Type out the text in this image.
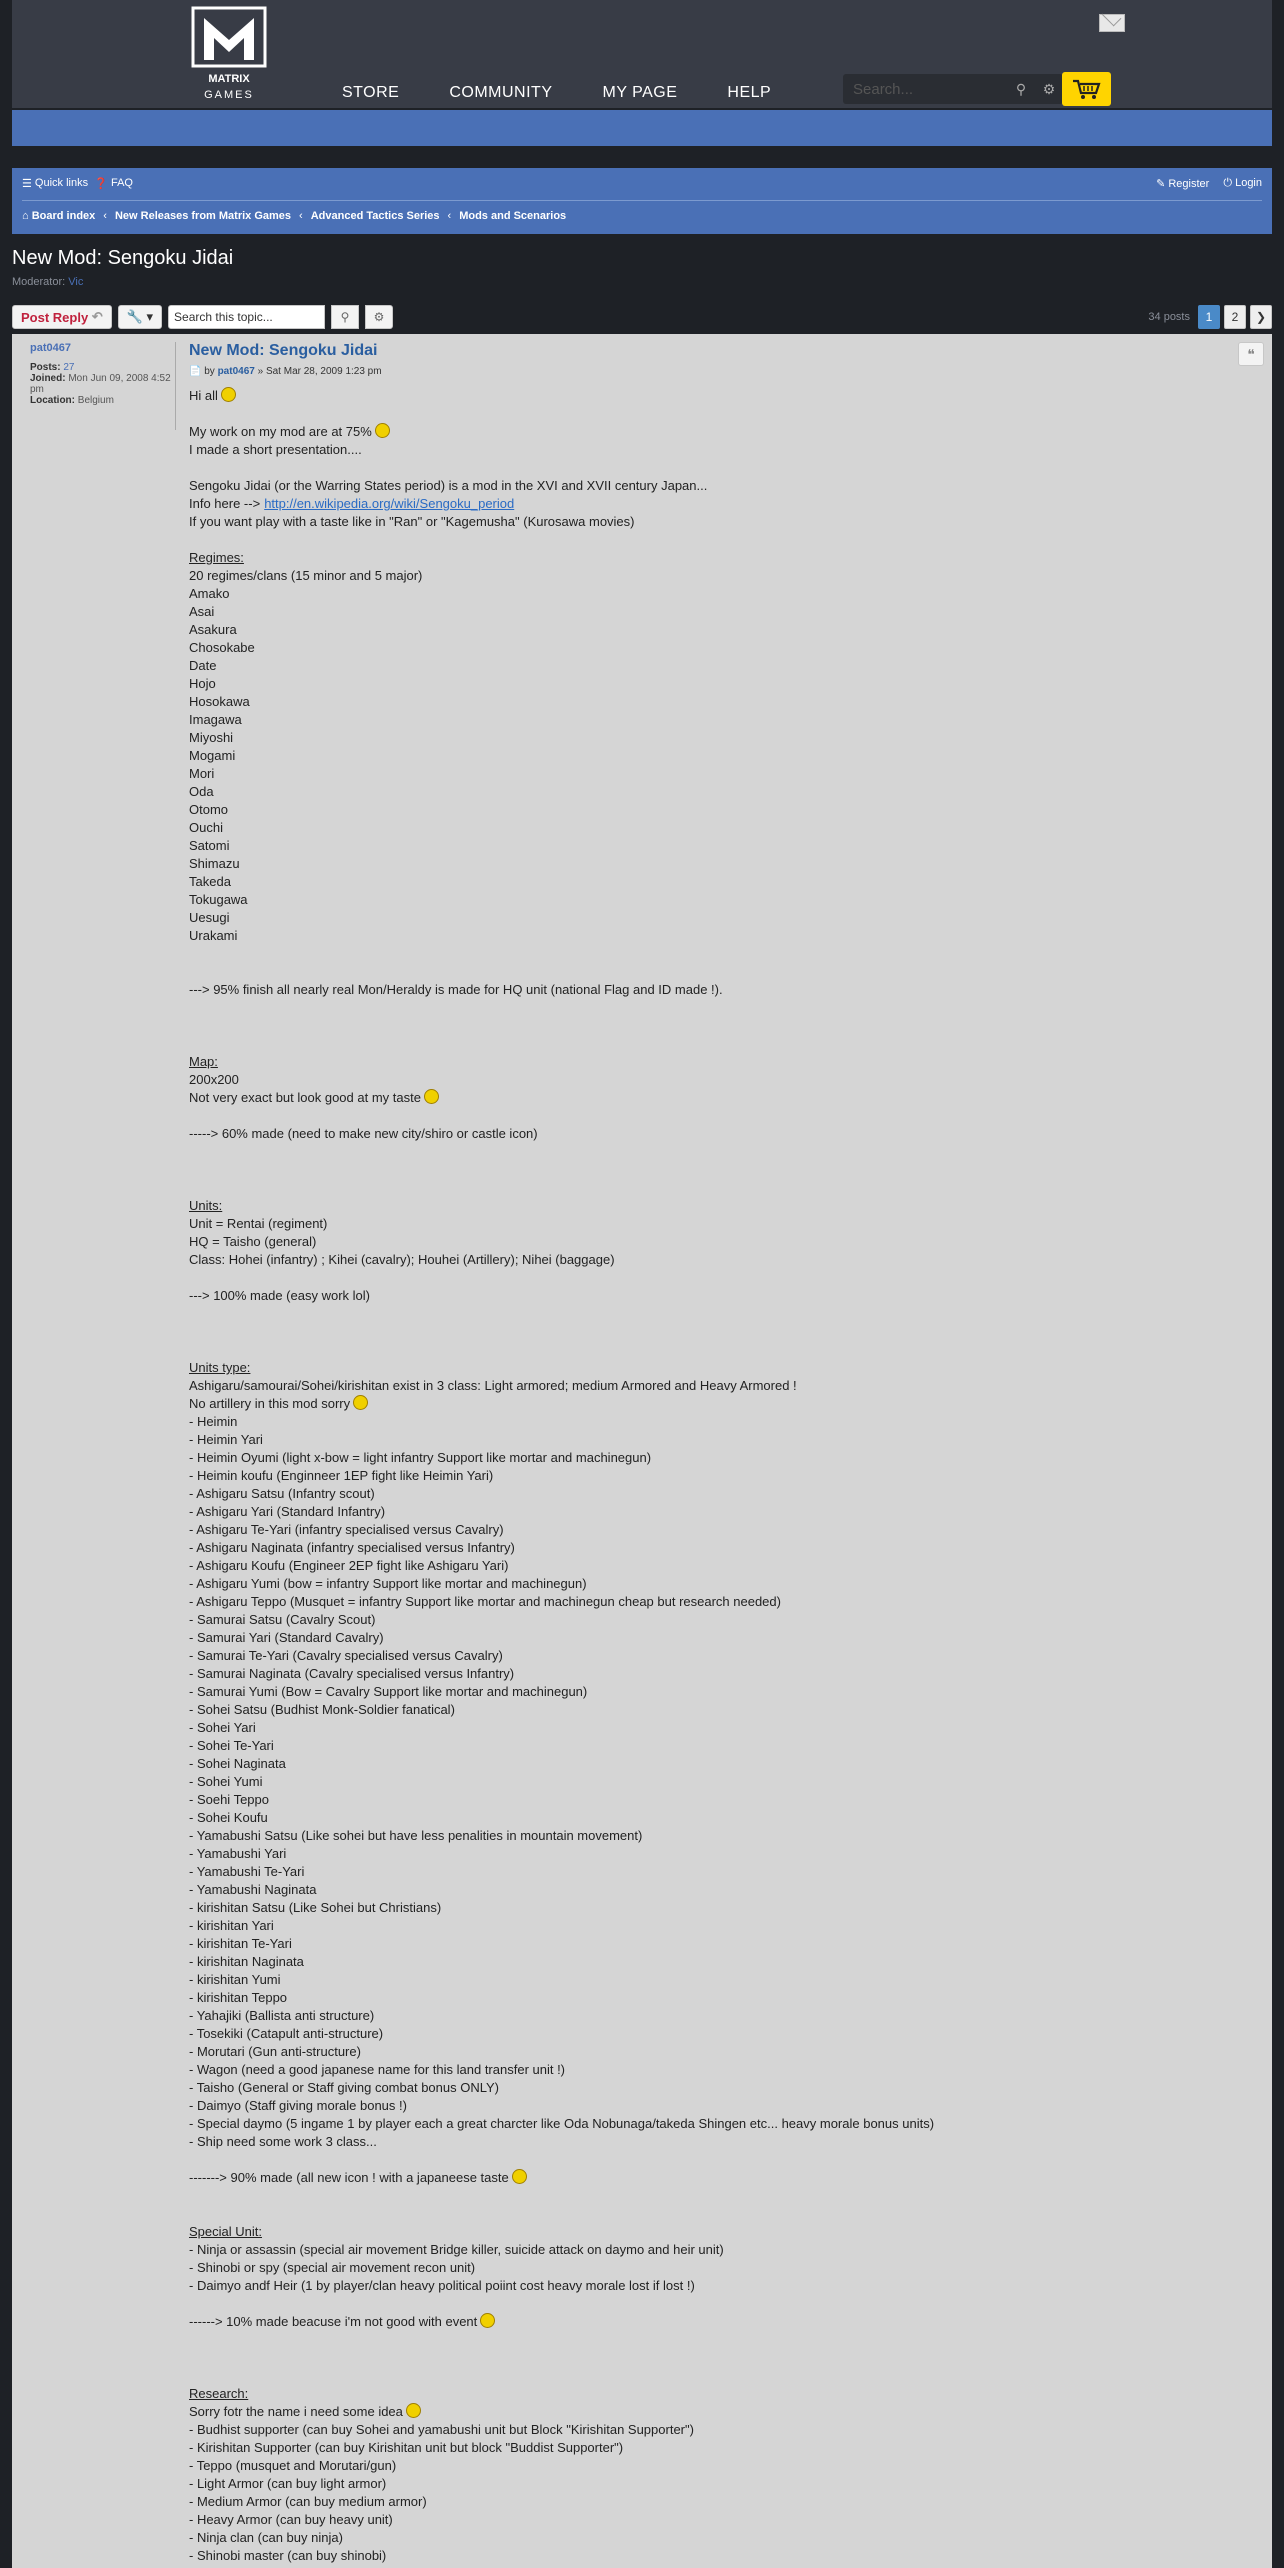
MATRIX
GAMES	STORE	COMMUNITY	MY PAGE	HELP	Search...	⚲	⚙
☰ Quick links ❓ FAQ	✎ Register ⏻ Login
⌂ Board index ‹ New Releases from Matrix Games ‹ Advanced Tactics Series ‹ Mods and Scenarios
New Mod: Sengoku Jidai
Moderator: Vic
Post Reply
↶ 🔧 ▾	Search this topic...	⚲	⚙	34 posts	1	2	❯
pat0467
Posts: 27
Joined: Mon Jun 09, 2008 4:52 pm
Location: Belgium
New Mod: Sengoku Jidai
📄 by pat0467 » Sat Mar 28, 2009 1:23 pm
Hi all
My work on my mod are at 75%
I made a short presentation....
Sengoku Jidai (or the Warring States period) is a mod in the XVI and XVII century Japan...
Info here --> http://en.wikipedia.org/wiki/Sengoku_period
If you want play with a taste like in "Ran" or "Kagemusha" (Kurosawa movies)
Regimes:
20 regimes/clans (15 minor and 5 major)
Amako
Asai
Asakura
Chosokabe
Date
Hojo
Hosokawa
Imagawa
Miyoshi
Mogami
Mori
Oda
Otomo
Ouchi
Satomi
Shimazu
Takeda
Tokugawa
Uesugi
Urakami
---> 95% finish all nearly real Mon/Heraldy is made for HQ unit (national Flag and ID made !).
Map:
200x200
Not very exact but look good at my taste
-----> 60% made (need to make new city/shiro or castle icon)
Units:
Unit = Rentai (regiment)
HQ = Taisho (general)
Class: Hohei (infantry) ; Kihei (cavalry); Houhei (Artillery); Nihei (baggage)
---> 100% made (easy work lol)
Units type:
Ashigaru/samourai/Sohei/kirishitan exist in 3 class: Light armored; medium Armored and Heavy Armored !
No artillery in this mod sorry
- Heimin
- Heimin Yari
- Heimin Oyumi (light x-bow = light infantry Support like mortar and machinegun)
- Heimin koufu (Enginneer 1EP fight like Heimin Yari)
- Ashigaru Satsu (Infantry scout)
- Ashigaru Yari (Standard Infantry)
- Ashigaru Te-Yari (infantry specialised versus Cavalry)
- Ashigaru Naginata (infantry specialised versus Infantry)
- Ashigaru Koufu (Engineer 2EP fight like Ashigaru Yari)
- Ashigaru Yumi (bow = infantry Support like mortar and machinegun)
- Ashigaru Teppo (Musquet = infantry Support like mortar and machinegun cheap but research needed)
- Samurai Satsu (Cavalry Scout)
- Samurai Yari (Standard Cavalry)
- Samurai Te-Yari (Cavalry specialised versus Cavalry)
- Samurai Naginata (Cavalry specialised versus Infantry)
- Samurai Yumi (Bow = Cavalry Support like mortar and machinegun)
- Sohei Satsu (Budhist Monk-Soldier fanatical)
- Sohei Yari
- Sohei Te-Yari
- Sohei Naginata
- Sohei Yumi
- Soehi Teppo
- Sohei Koufu
- Yamabushi Satsu (Like sohei but have less penalities in mountain movement)
- Yamabushi Yari
- Yamabushi Te-Yari
- Yamabushi Naginata
- kirishitan Satsu (Like Sohei but Christians)
- kirishitan Yari
- kirishitan Te-Yari
- kirishitan Naginata
- kirishitan Yumi
- kirishitan Teppo
- Yahajiki (Ballista anti structure)
- Tosekiki (Catapult anti-structure)
- Morutari (Gun anti-structure)
- Wagon (need a good japanese name for this land transfer unit !)
- Taisho (General or Staff giving combat bonus ONLY)
- Daimyo (Staff giving morale bonus !)
- Special daymo (5 ingame 1 by player each a great charcter like Oda Nobunaga/takeda Shingen etc... heavy morale bonus units)
- Ship need some work 3 class...
-------> 90% made (all new icon ! with a japaneese taste
Special Unit:
- Ninja or assassin (special air movement Bridge killer, suicide attack on daymo and heir unit)
- Shinobi or spy (special air movement recon unit)
- Daimyo andf Heir (1 by player/clan heavy political poiint cost heavy morale lost if lost !)
------> 10% made beacuse i'm not good with event
Research:
Sorry fotr the name i need some idea
- Budhist supporter (can buy Sohei and yamabushi unit but Block "Kirishitan Supporter")
- Kirishitan Supporter (can buy Kirishitan unit but block "Buddist Supporter")
- Teppo (musquet and Morutari/gun)
- Light Armor (can buy light armor)
- Medium Armor (can buy medium armor)
- Heavy Armor (can buy heavy unit)
- Ninja clan (can buy ninja)
- Shinobi master (can buy shinobi)
❝
